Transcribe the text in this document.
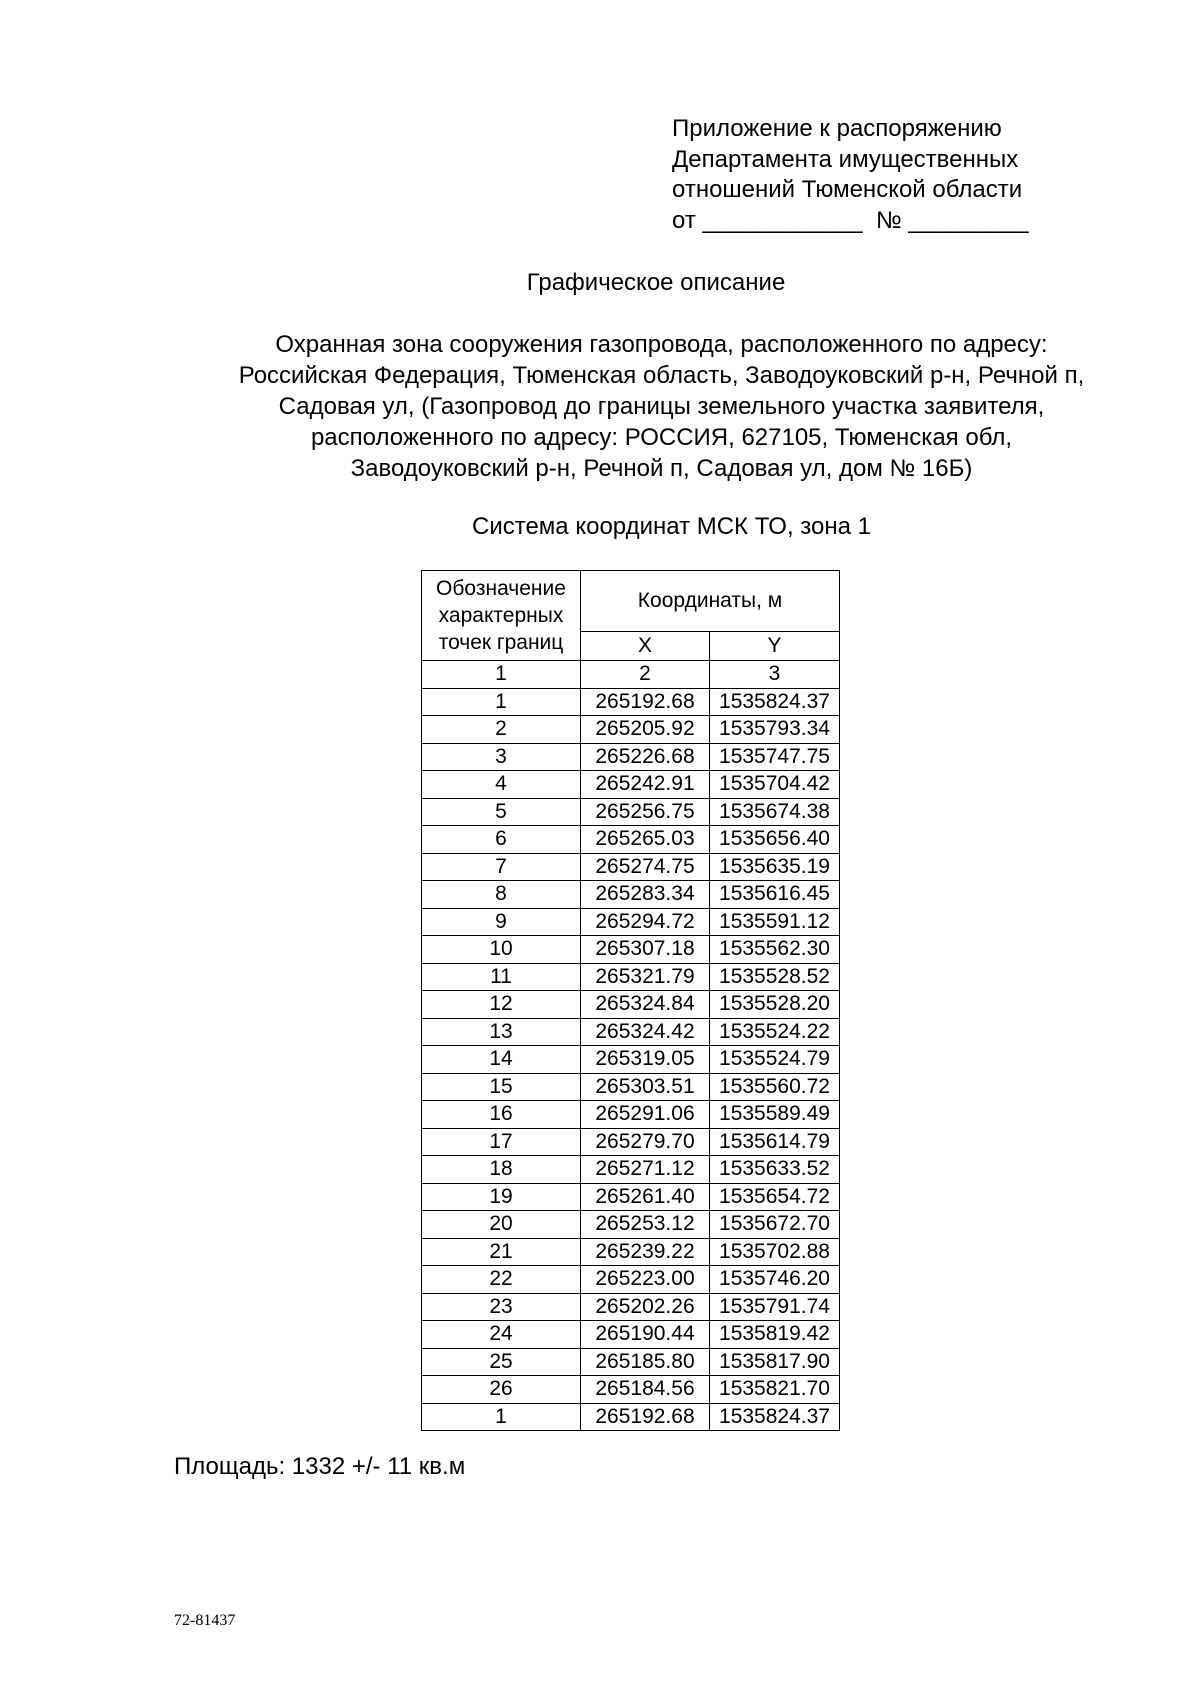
Приложение к распоряжению
Департамента имущественных
отношений Тюменской области
от ____________  № _________
Графическое описание
Охранная зона сооружения газопровода, расположенного по адресу:
Российская Федерация, Тюменская область, Заводоуковский р-н, Речной п,
Садовая ул, (Газопровод до границы земельного участка заявителя,
расположенного по адресу: РОССИЯ, 627105, Тюменская обл,
Заводоуковский р-н, Речной п, Садовая ул, дом № 16Б)
Система координат МСК ТО, зона 1
Обозначение характерных точек границ	Координаты, м	
	X	Y
1	2	3
1	265192.68	1535824.37
2	265205.92	1535793.34
3	265226.68	1535747.75
4	265242.91	1535704.42
5	265256.75	1535674.38
6	265265.03	1535656.40
7	265274.75	1535635.19
8	265283.34	1535616.45
9	265294.72	1535591.12
10	265307.18	1535562.30
11	265321.79	1535528.52
12	265324.84	1535528.20
13	265324.42	1535524.22
14	265319.05	1535524.79
15	265303.51	1535560.72
16	265291.06	1535589.49
17	265279.70	1535614.79
18	265271.12	1535633.52
19	265261.40	1535654.72
20	265253.12	1535672.70
21	265239.22	1535702.88
22	265223.00	1535746.20
23	265202.26	1535791.74
24	265190.44	1535819.42
25	265185.80	1535817.90
26	265184.56	1535821.70
1	265192.68	1535824.37
Площадь: 1332 +/- 11 кв.м
72-81437
